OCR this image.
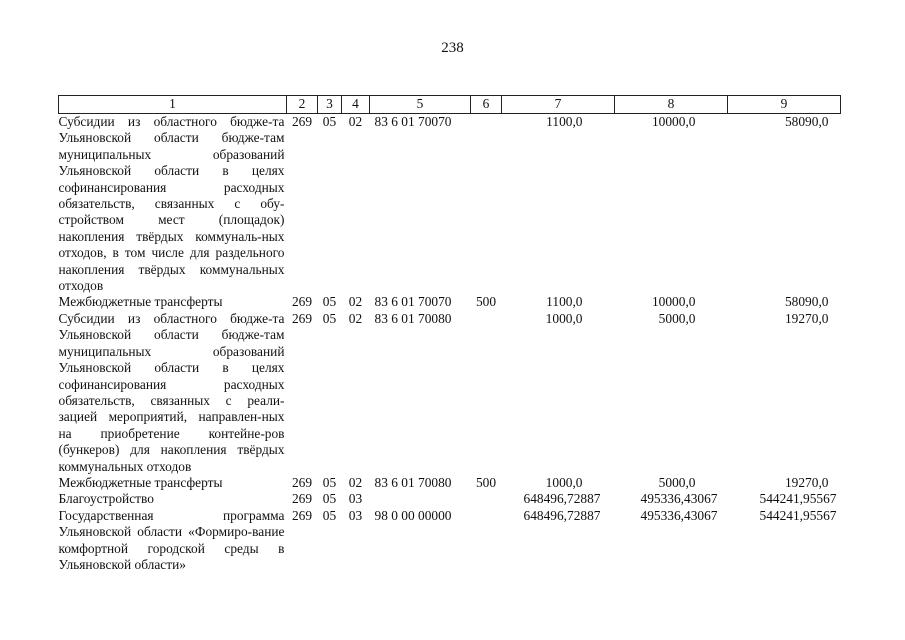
238
1	2	3	4	5	6	7	8	9
Субсидии из областного бюдже-та Ульяновской области бюдже-там муниципальных образований Ульяновской области в целях софинансирования расходных обязательств, связанных с обу-стройством мест (площадок) накопления твёрдых коммуналь-ных отходов, в том числе для раздельного накопления твёрдых коммунальных отходов	269	05	02	83 6 01 70070		1100,0	10000,0	58090,0
Межбюджетные трансферты	269	05	02	83 6 01 70070	500	1100,0	10000,0	58090,0
Субсидии из областного бюдже-та Ульяновской области бюдже-там муниципальных образований Ульяновской области в целях софинансирования расходных обязательств, связанных с реали-зацией мероприятий, направлен-ных на приобретение контейне-ров (бункеров) для накопления твёрдых коммунальных отходов	269	05	02	83 6 01 70080		1000,0	5000,0	19270,0
Межбюджетные трансферты	269	05	02	83 6 01 70080	500	1000,0	5000,0	19270,0
Благоустройство	269	05	03			648496,72887	495336,43067	544241,95567
Государственная программа Ульяновской области «Формиро-вание комфортной городской среды в Ульяновской области»	269	05	03	98 0 00 00000		648496,72887	495336,43067	544241,95567
